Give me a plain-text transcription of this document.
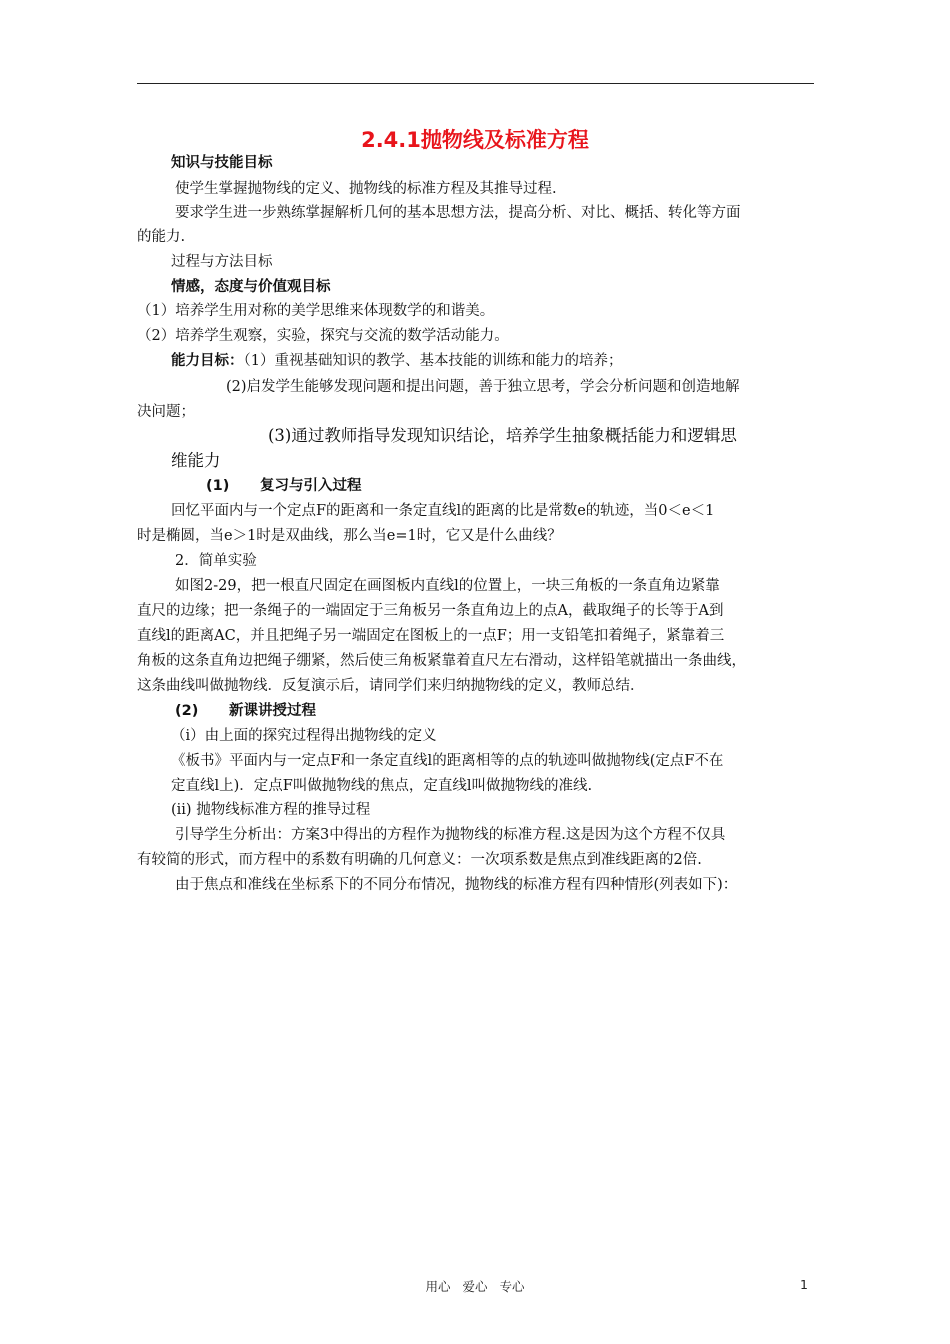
2.4.1抛物线及标准方程
知识与技能目标
使学生掌握抛物线的定义、抛物线的标准方程及其推导过程.
要求学生进一步熟练掌握解析几何的基本思想方法，提高分析、对比、概括、转化等方面
的能力.
过程与方法目标
情感，态度与价值观目标
（1）培养学生用对称的美学思维来体现数学的和谐美。
（2）培养学生观察，实验，探究与交流的数学活动能力。
能力目标：（1）重视基础知识的教学、基本技能的训练和能力的培养；
(2)启发学生能够发现问题和提出问题，善于独立思考，学会分析问题和创造地解
决问题；
(3)通过教师指导发现知识结论，培养学生抽象概括能力和逻辑思
维能力
(1) 复习与引入过程
回忆平面内与一个定点F的距离和一条定直线l的距离的比是常数e的轨迹，当0＜e＜1
时是椭圆，当e＞1时是双曲线，那么当e=1时，它又是什么曲线？
2．简单实验
如图2-29，把一根直尺固定在画图板内直线l的位置上，一块三角板的一条直角边紧靠
直尺的边缘；把一条绳子的一端固定于三角板另一条直角边上的点A，截取绳子的长等于A到
直线l的距离AC，并且把绳子另一端固定在图板上的一点F；用一支铅笔扣着绳子，紧靠着三
角板的这条直角边把绳子绷紧，然后使三角板紧靠着直尺左右滑动，这样铅笔就描出一条曲线，
这条曲线叫做抛物线．反复演示后，请同学们来归纳抛物线的定义，教师总结．
(2) 新课讲授过程
（i）由上面的探究过程得出抛物线的定义
《板书》平面内与一定点F和一条定直线l的距离相等的点的轨迹叫做抛物线(定点F不在
定直线l上)．定点F叫做抛物线的焦点，定直线l叫做抛物线的准线.
(ii) 抛物线标准方程的推导过程
引导学生分析出：方案3中得出的方程作为抛物线的标准方程.这是因为这个方程不仅具
有较简的形式，而方程中的系数有明确的几何意义：一次项系数是焦点到准线距离的2倍.
由于焦点和准线在坐标系下的不同分布情况，抛物线的标准方程有四种情形(列表如下)：
用心 爱心 专心	1
